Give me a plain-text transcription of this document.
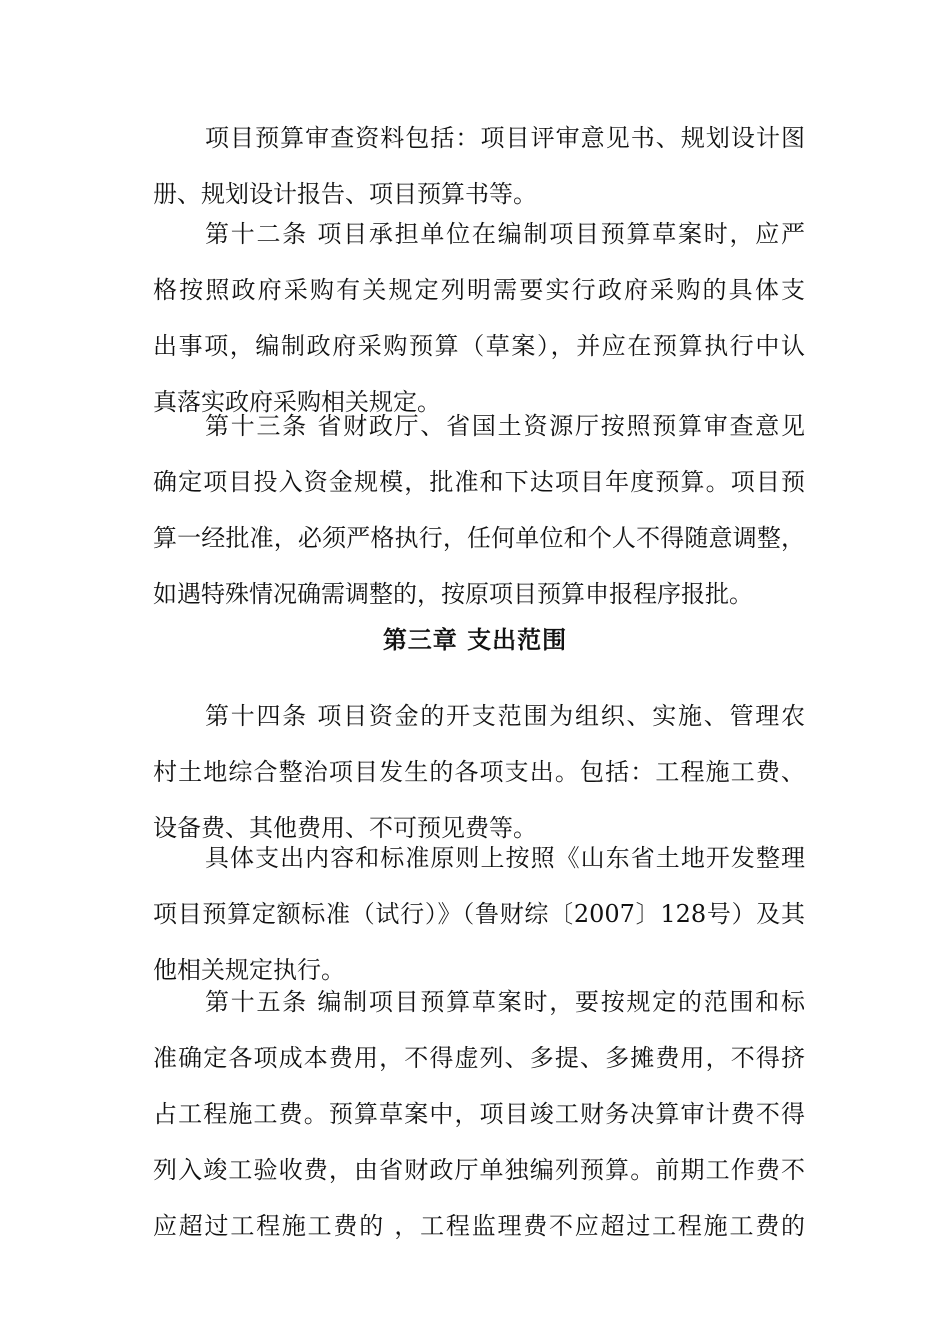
项目预算审查资料包括：项目评审意见书、规划设计图
册、规划设计报告、项目预算书等。
第十二条 项目承担单位在编制项目预算草案时，应严
格按照政府采购有关规定列明需要实行政府采购的具体支
出事项，编制政府采购预算（草案），并应在预算执行中认
真落实政府采购相关规定。
第十三条 省财政厅、省国土资源厅按照预算审查意见
确定项目投入资金规模，批准和下达项目年度预算。项目预
算一经批准，必须严格执行，任何单位和个人不得随意调整，
如遇特殊情况确需调整的，按原项目预算申报程序报批。
第三章 支出范围
第十四条 项目资金的开支范围为组织、实施、管理农
村土地综合整治项目发生的各项支出。包括：工程施工费、
设备费、其他费用、不可预见费等。
具体支出内容和标准原则上按照《山东省土地开发整理
项目预算定额标准（试行）》（鲁财综〔2007〕128号）及其
他相关规定执行。
第十五条 编制项目预算草案时，要按规定的范围和标
准确定各项成本费用，不得虚列、多提、多摊费用，不得挤
占工程施工费。预算草案中，项目竣工财务决算审计费不得
列入竣工验收费，由省财政厅单独编列预算。前期工作费不
应超过工程施工费的 ，工程监理费不应超过工程施工费的
